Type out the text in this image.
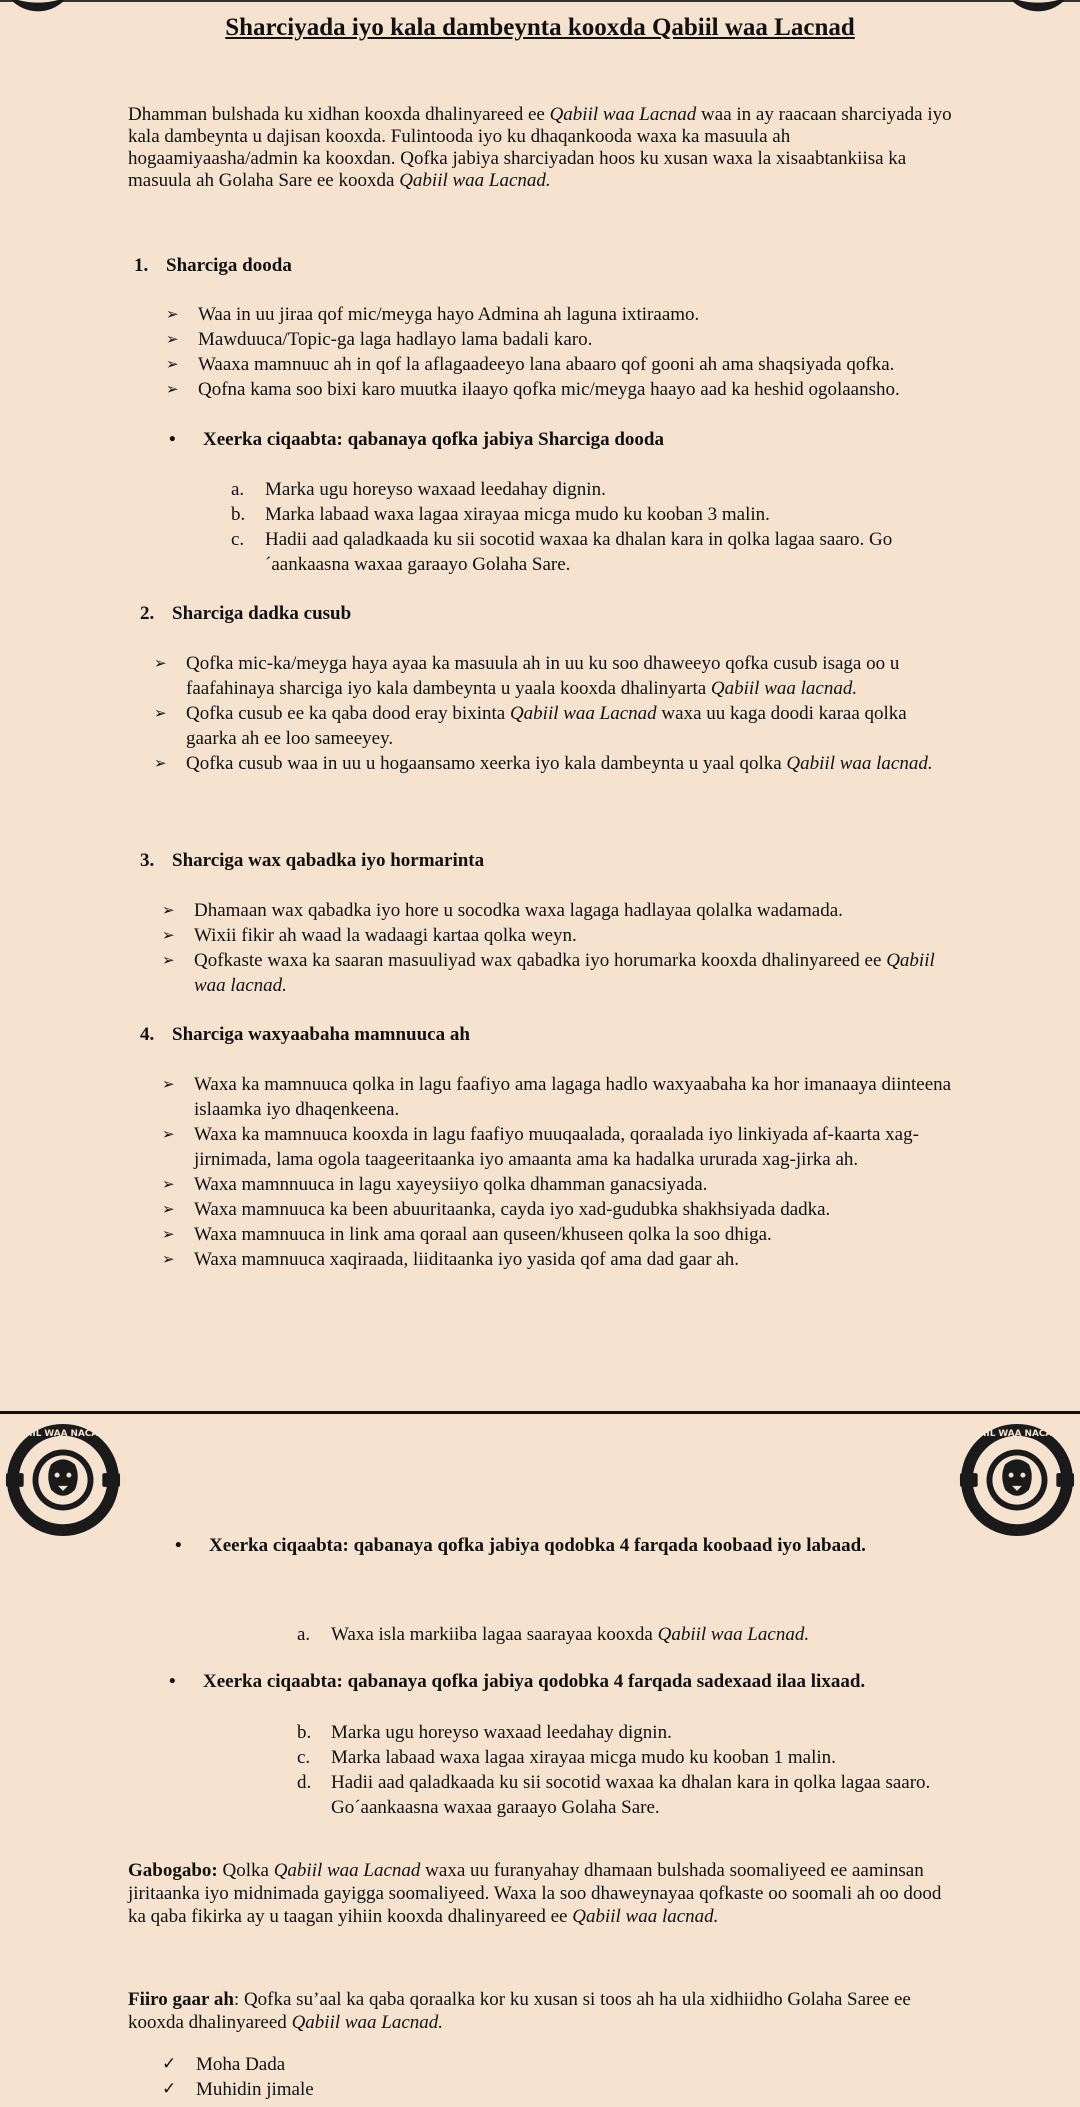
Sharciyada iyo kala dambeynta kooxda Qabiil waa Lacnad
Dhamman bulshada ku xidhan kooxda dhalinyareed ee Qabiil waa Lacnad waa in ay raacaan sharciyada iyo kala dambeynta u dajisan kooxda. Fulintooda iyo ku dhaqankooda waxa ka masuula ah hogaamiyaasha/admin ka kooxdan. Qofka jabiya sharciyadan hoos ku xusan waxa la xisaabtankiisa ka masuula ah Golaha Sare ee kooxda Qabiil waa Lacnad.
1. Sharciga dooda
➢ Waa in uu jiraa qof mic/meyga hayo Admina ah laguna ixtiraamo.
➢ Mawduuca/Topic-ga laga hadlayo lama badali karo.
➢ Waaxa mamnuuc ah in qof la aflagaadeeyo lana abaaro qof gooni ah ama shaqsiyada qofka.
➢ Qofna kama soo bixi karo muutka ilaayo qofka mic/meyga haayo aad ka heshid ogolaansho.
• Xeerka ciqaabta: qabanaya qofka jabiya Sharciga dooda
a. Marka ugu horeyso waxaad leedahay dignin.
b. Marka labaad waxa lagaa xirayaa micga mudo ku kooban 3 malin.
c. Hadii aad qaladkaada ku sii socotid waxaa ka dhalan kara in qolka lagaa saaro. Go´aankaasna waxaa garaayo Golaha Sare.
2. Sharciga dadka cusub
➢ Qofka mic-ka/meyga haya ayaa ka masuula ah in uu ku soo dhaweeyo qofka cusub isaga oo u faafahinaya sharciga iyo kala dambeynta u yaala kooxda dhalinyarta Qabiil waa lacnad.
➢ Qofka cusub ee ka qaba dood eray bixinta Qabiil waa Lacnad waxa uu kaga doodi karaa qolka gaarka ah ee loo sameeyey.
➢ Qofka cusub waa in uu u hogaansamo xeerka iyo kala dambeynta u yaal qolka Qabiil waa lacnad.
3. Sharciga wax qabadka iyo hormarinta
➢ Dhamaan wax qabadka iyo hore u socodka waxa lagaga hadlayaa qolalka wadamada.
➢ Wixii fikir ah waad la wadaagi kartaa qolka weyn.
➢ Qofkaste waxa ka saaran masuuliyad wax qabadka iyo horumarka kooxda dhalinyareed ee Qabiil waa lacnad.
4. Sharciga waxyaabaha mamnuuca ah
➢ Waxa ka mamnuuca qolka in lagu faafiyo ama lagaga hadlo waxyaabaha ka hor imanaaya diinteena islaamka iyo dhaqenkeena.
➢ Waxa ka mamnuuca kooxda in lagu faafiyo muuqaalada, qoraalada iyo linkiyada af-kaarta xag-jirnimada, lama ogola taageeritaanka iyo amaanta ama ka hadalka ururada xag-jirka ah.
➢ Waxa mamnnuuca in lagu xayeysiiyo qolka dhamman ganacsiyada.
➢ Waxa mamnuuca ka been abuuritaanka, cayda iyo xad-gudubka shakhsiyada dadka.
➢ Waxa mamnuuca in link ama qoraal aan quseen/khuseen qolka la soo dhiga.
➢ Waxa mamnuuca xaqiraada, liiditaanka iyo yasida qof ama dad gaar ah.
QABIIL WAA NACALAD	QABIIL WAA NACALAD
• Xeerka ciqaabta: qabanaya qofka jabiya qodobka 4 farqada koobaad iyo labaad.
a. Waxa isla markiiba lagaa saarayaa kooxda Qabiil waa Lacnad.
• Xeerka ciqaabta: qabanaya qofka jabiya qodobka 4 farqada sadexaad ilaa lixaad.
b. Marka ugu horeyso waxaad leedahay dignin.
c. Marka labaad waxa lagaa xirayaa micga mudo ku kooban 1 malin.
d. Hadii aad qaladkaada ku sii socotid waxaa ka dhalan kara in qolka lagaa saaro. Go´aankaasna waxaa garaayo Golaha Sare.
Gabogabo: Qolka Qabiil waa Lacnad waxa uu furanyahay dhamaan bulshada soomaliyeed ee aaminsan jiritaanka iyo midnimada gayigga soomaliyeed. Waxa la soo dhaweynayaa qofkaste oo soomali ah oo dood ka qaba fikirka ay u taagan yihiin kooxda dhalinyareed ee Qabiil waa lacnad.
Fiiro gaar ah: Qofka su’aal ka qaba qoraalka kor ku xusan si toos ah ha ula xidhiidho Golaha Saree ee kooxda dhalinyareed Qabiil waa Lacnad.
✓ Moha Dada
✓ Muhidin jimale
